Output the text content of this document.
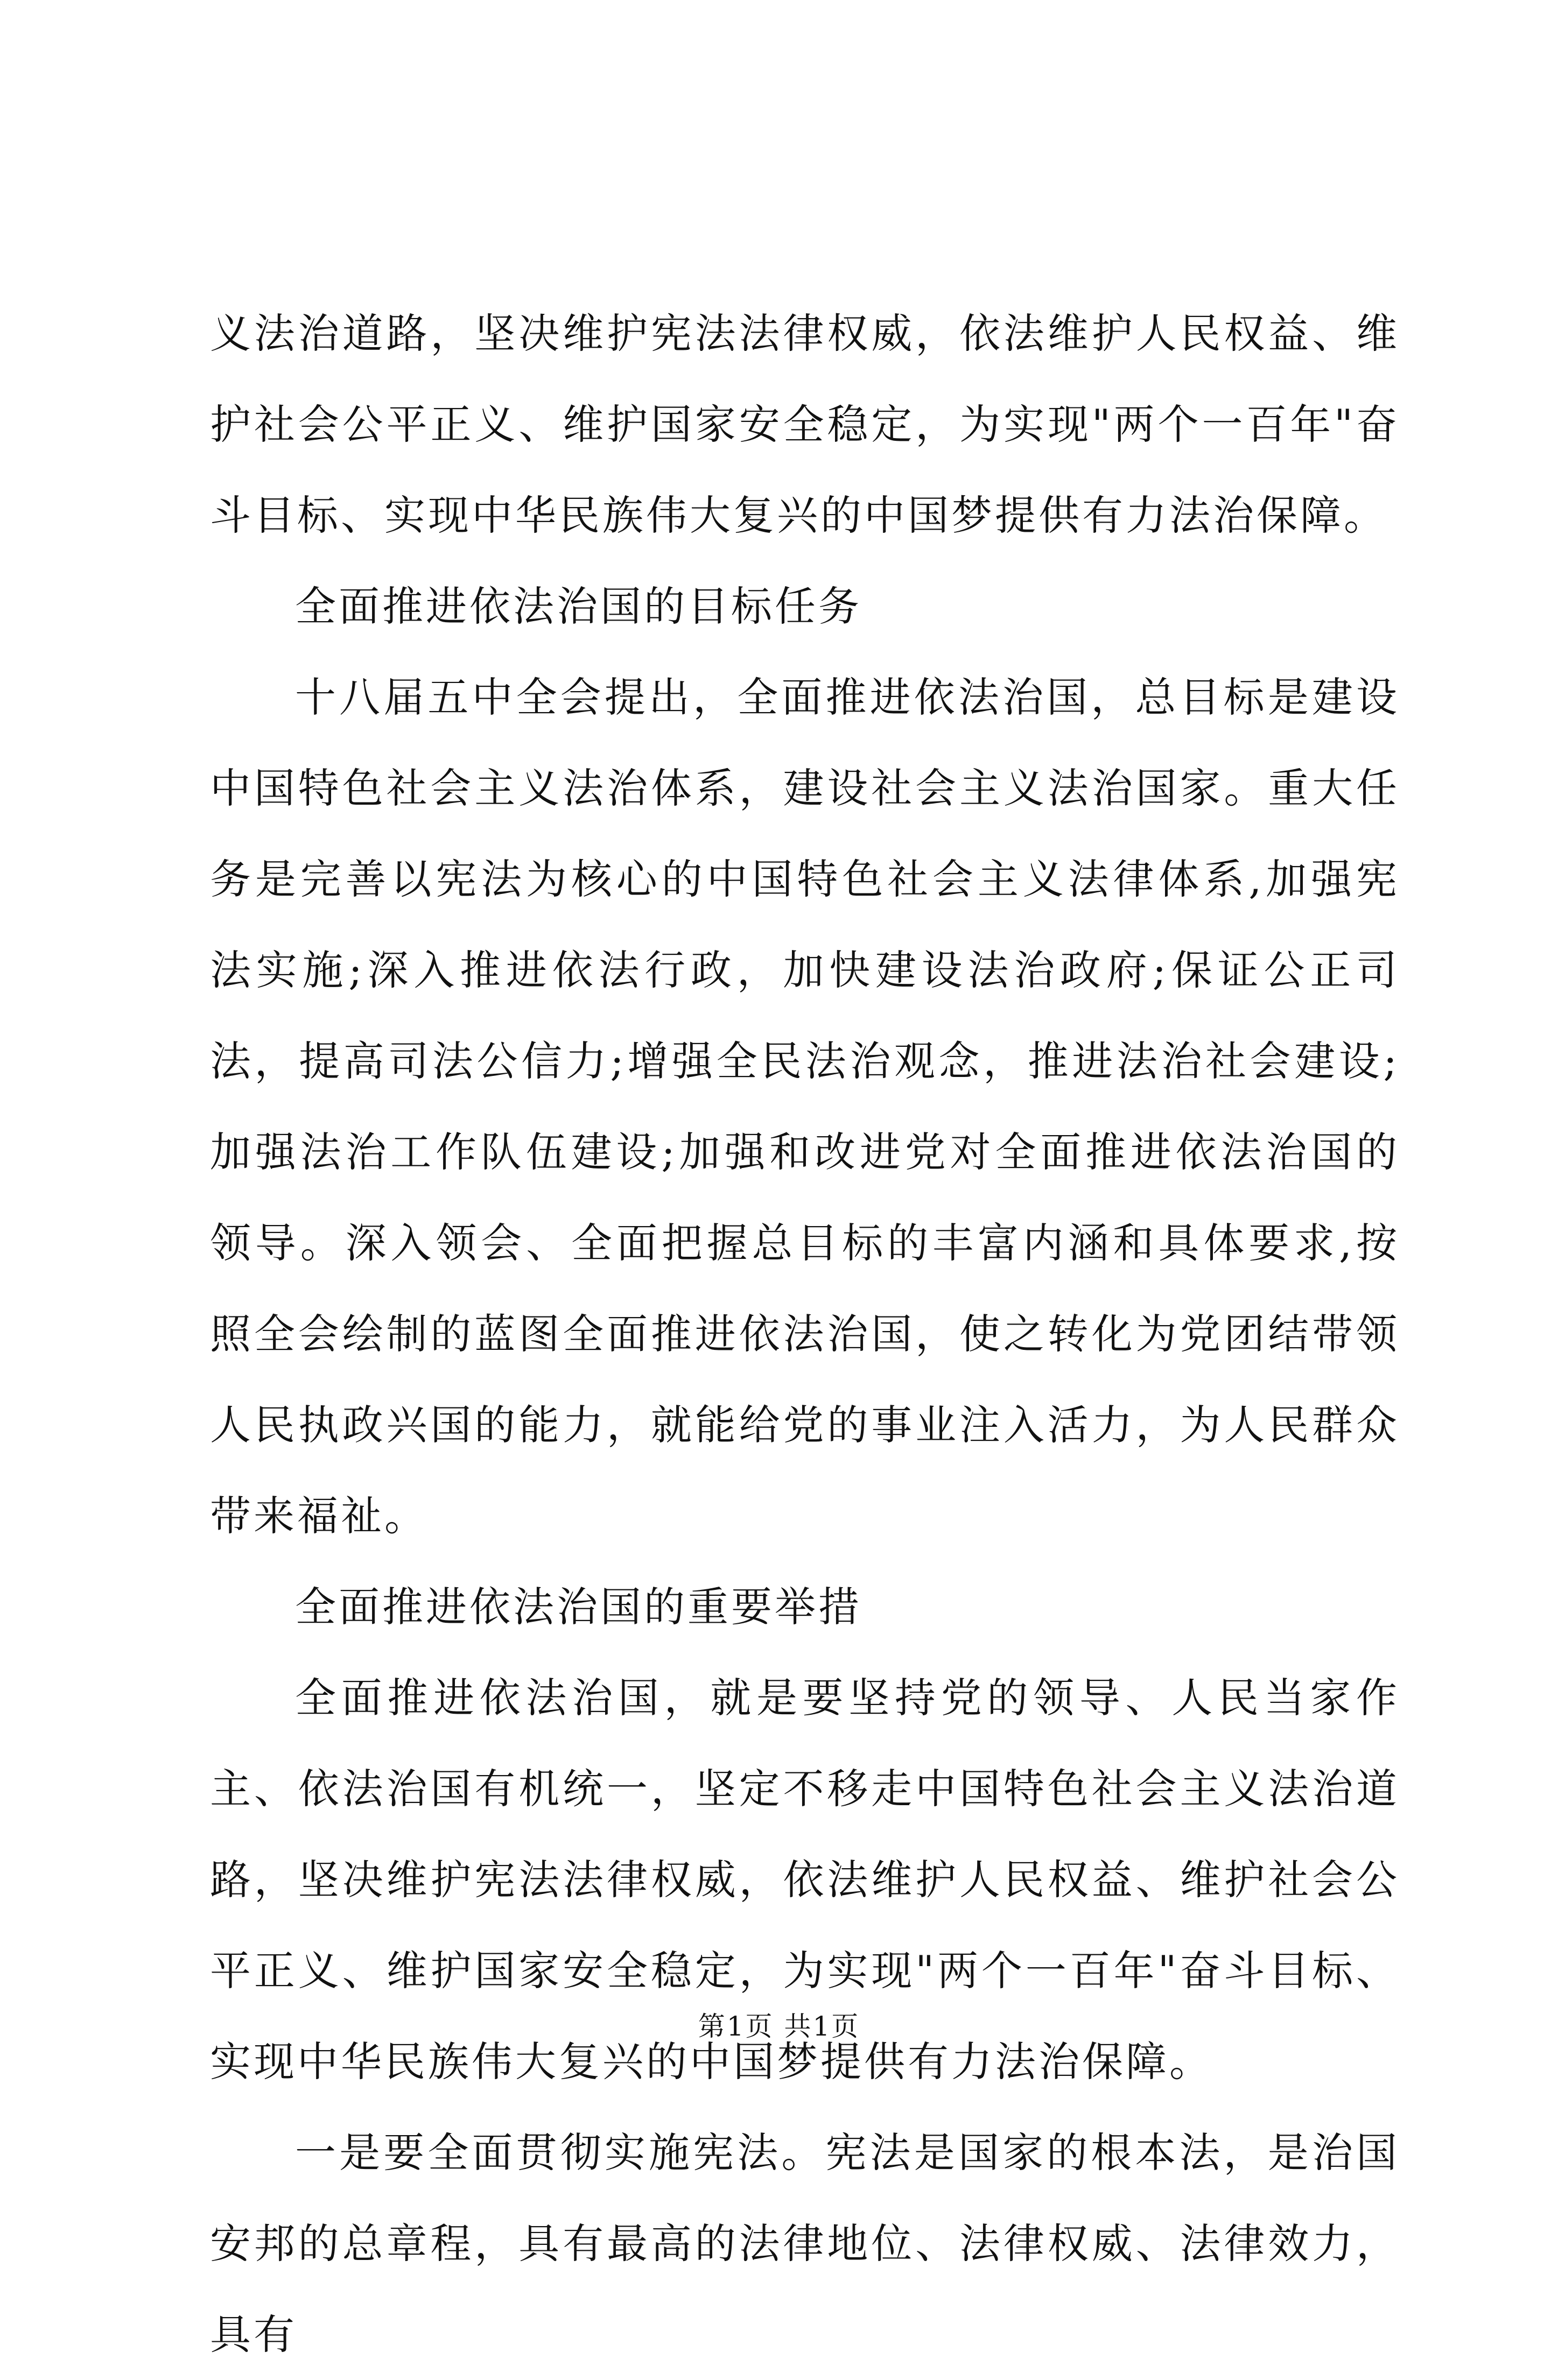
义法治道路，坚决维护宪法法律权威，依法维护人民权益、维护社会公平正义、维护国家安全稳定，为实现"两个一百年"奋斗目标、实现中华民族伟大复兴的中国梦提供有力法治保障。

全面推进依法治国的目标任务

十八届五中全会提出，全面推进依法治国，总目标是建设中国特色社会主义法治体系，建设社会主义法治国家。重大任务是完善以宪法为核心的中国特色社会主义法律体系,加强宪法实施;深入推进依法行政，加快建设法治政府;保证公正司法，提高司法公信力;增强全民法治观念，推进法治社会建设;加强法治工作队伍建设;加强和改进党对全面推进依法治国的领导。深入领会、全面把握总目标的丰富内涵和具体要求,按照全会绘制的蓝图全面推进依法治国，使之转化为党团结带领人民执政兴国的能力，就能给党的事业注入活力，为人民群众带来福祉。

全面推进依法治国的重要举措

全面推进依法治国，就是要坚持党的领导、人民当家作主、依法治国有机统一，坚定不移走中国特色社会主义法治道路，坚决维护宪法法律权威，依法维护人民权益、维护社会公平正义、维护国家安全稳定，为实现"两个一百年"奋斗目标、实现中华民族伟大复兴的中国梦提供有力法治保障。

一是要全面贯彻实施宪法。宪法是国家的根本法，是治国安邦的总章程，具有最高的法律地位、法律权威、法律效力，具有

第1页 共1页
